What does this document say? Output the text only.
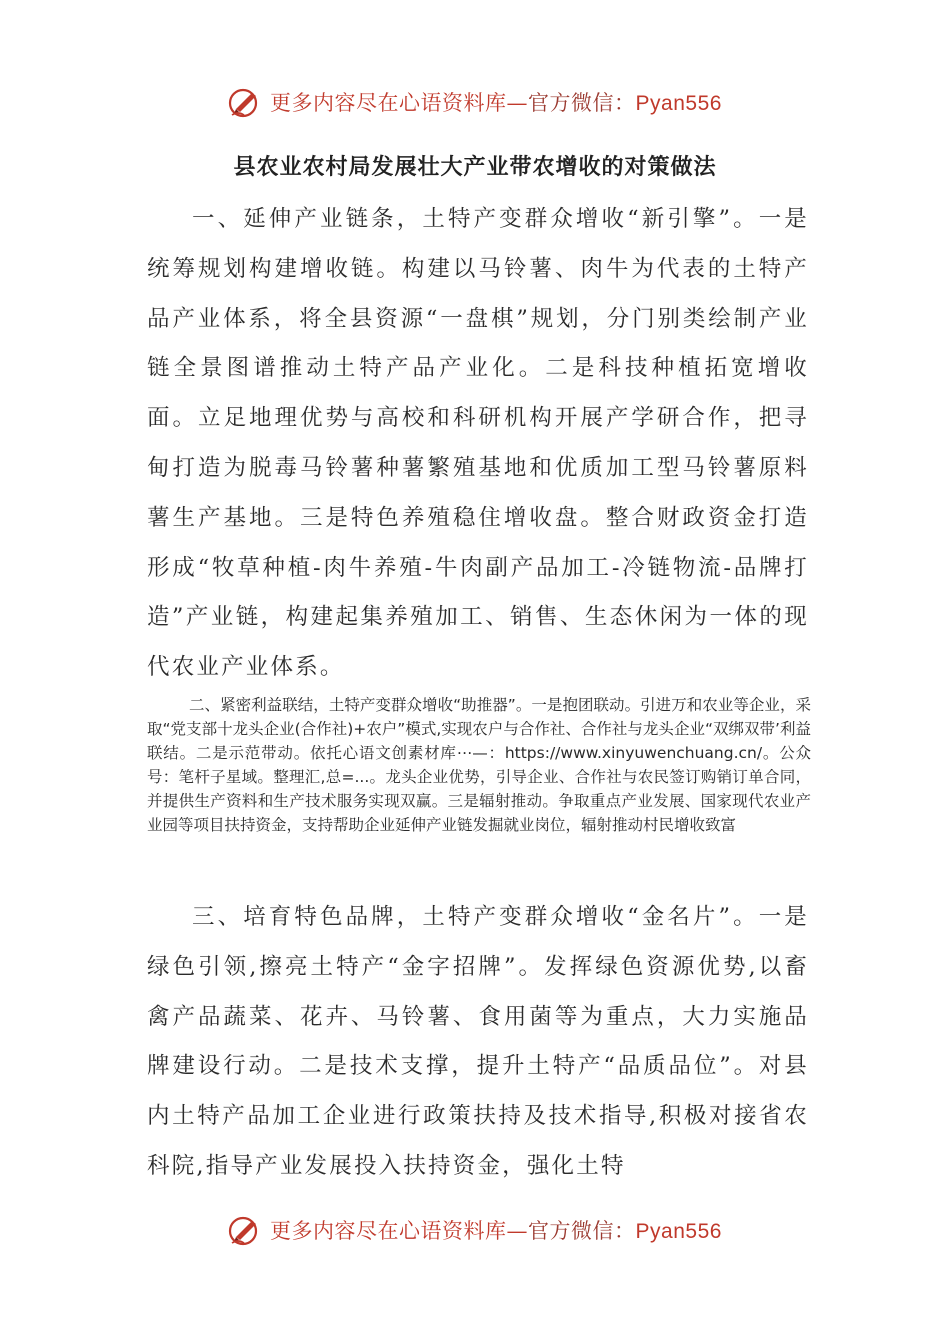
更多内容尽在心语资料库—官方微信：Pyan556
县农业农村局发展壮大产业带农增收的对策做法

一、延伸产业链条，土特产变群众增收“新引擎”。一是统筹规划构建增收链。构建以马铃薯、肉牛为代表的土特产品产业体系，将全县资源“一盘棋”规划，分门别类绘制产业链全景图谱推动土特产品产业化。二是科技种植拓宽增收面。立足地理优势与高校和科研机构开展产学研合作，把寻甸打造为脱毒马铃薯种薯繁殖基地和优质加工型马铃薯原料薯生产基地。三是特色养殖稳住增收盘。整合财政资金打造形成“牧草种植-肉牛养殖-牛肉副产品加工-冷链物流-品牌打造”产业链，构建起集养殖加工、销售、生态休闲为一体的现代农业产业体系。

二、紧密利益联结，土特产变群众增收“助推器”。一是抱团联动。引进万和农业等企业，采取“党支部十龙头企业(合作社)+农户”模式,实现农户与合作社、合作社与龙头企业“双绑双带’利益联结。二是示范带动。依托心语文创素材库⋯—：https://www.xinyuwenchuang.cn/。公众号：笔杆子星域。整理汇,总=...。龙头企业优势，引导企业、合作社与农民签订购销订单合同，并提供生产资料和生产技术服务实现双赢。三是辐射推动。争取重点产业发展、国家现代农业产业园等项目扶持资金，支持帮助企业延伸产业链发掘就业岗位，辐射推动村民增收致富

三、培育特色品牌，土特产变群众增收“金名片”。一是绿色引领,擦亮土特产“金字招牌”。发挥绿色资源优势,以畜禽产品蔬菜、花卉、马铃薯、食用菌等为重点，大力实施品牌建设行动。二是技术支撑，提升土特产“品质品位”。对县内土特产品加工企业进行政策扶持及技术指导,积极对接省农科院,指导产业发展投入扶持资金，强化土特

更多内容尽在心语资料库—官方微信：Pyan556
